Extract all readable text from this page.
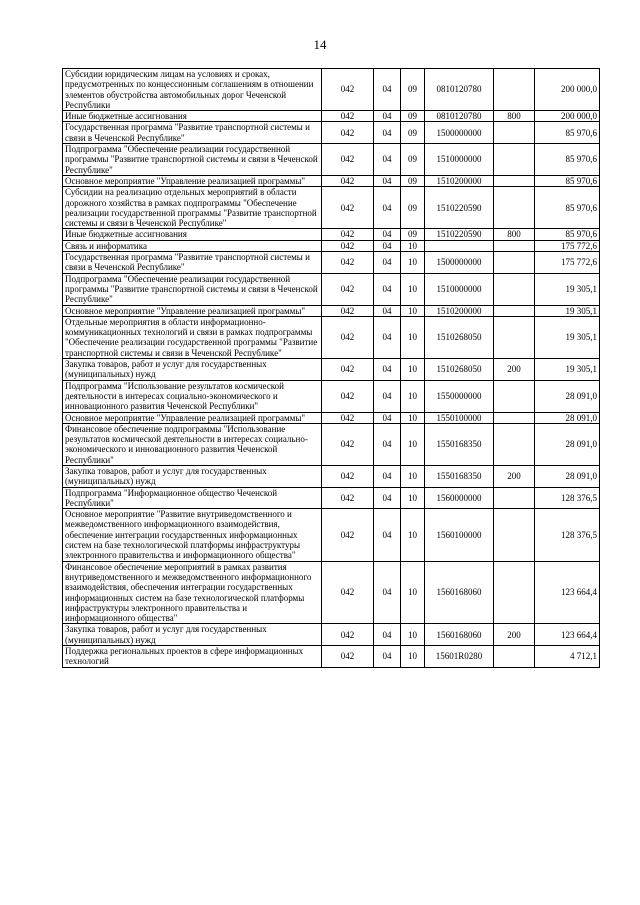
14
Субсидии юридическим лицам на условиях и сроках, предусмотренных по концессионным соглашениям в отношении элементов обустройства автомобильных дорог Чеченской Республики	042	04	09	0810120780		200 000,0
Иные бюджетные ассигнования	042	04	09	0810120780	800	200 000,0
Государственная программа "Развитие транспортной системы и связи в Чеченской Республике"	042	04	09	1500000000		85 970,6
Подпрограмма "Обеспечение реализации государственной программы "Развитие транспортной системы и связи в Чеченской Республике"	042	04	09	1510000000		85 970,6
Основное мероприятие "Управление реализацией программы"	042	04	09	1510200000		85 970,6
Субсидии на реализацию отдельных мероприятий в области дорожного хозяйства в рамках подпрограммы "Обеспечение реализации государственной программы "Развитие транспортной системы и связи в Чеченской Республике"	042	04	09	1510220590		85 970,6
Иные бюджетные ассигнования	042	04	09	1510220590	800	85 970,6
Связь и информатика	042	04	10			175 772,6
Государственная программа "Развитие транспортной системы и связи в Чеченской Республике"	042	04	10	1500000000		175 772,6
Подпрограмма "Обеспечение реализации государственной программы "Развитие транспортной системы и связи в Чеченской Республике"	042	04	10	1510000000		19 305,1
Основное мероприятие "Управление реализацией программы"	042	04	10	1510200000		19 305,1
Отдельные мероприятия в области информационно-коммуникационных технологий и связи в рамках подпрограммы "Обеспечение реализации государственной программы "Развитие транспортной системы и связи в Чеченской Республике"	042	04	10	1510268050		19 305,1
Закупка товаров, работ и услуг для государственных (муниципальных) нужд	042	04	10	1510268050	200	19 305,1
Подпрограмма "Использование результатов космической деятельности в интересах социально-экономического и инновационного развития Чеченской Республики"	042	04	10	1550000000		28 091,0
Основное мероприятие "Управление реализацией программы"	042	04	10	1550100000		28 091,0
Финансовое обеспечение подпрограммы "Использование результатов космической деятельности в интересах социально-экономического и инновационного развития Чеченской Республики"	042	04	10	1550168350		28 091,0
Закупка товаров, работ и услуг для государственных (муниципальных) нужд	042	04	10	1550168350	200	28 091,0
Подпрограмма "Информационное общество Чеченской Республики"	042	04	10	1560000000		128 376,5
Основное мероприятие "Развитие внутриведомственного и межведомственного информационного взаимодействия, обеспечение интеграции государственных информационных систем на базе технологической платформы инфраструктуры электронного правительства и информационного общества"	042	04	10	1560100000		128 376,5
Финансовое обеспечение мероприятий в рамках развития внутриведомственного и межведомственного информационного взаимодействия, обеспечения интеграции государственных информационных систем на базе технологической платформы инфраструктуры электронного правительства и информационного общества"	042	04	10	1560168060		123 664,4
Закупка товаров, работ и услуг для государственных (муниципальных) нужд	042	04	10	1560168060	200	123 664,4
Поддержка региональных проектов в сфере информационных технологий	042	04	10	15601R0280		4 712,1
